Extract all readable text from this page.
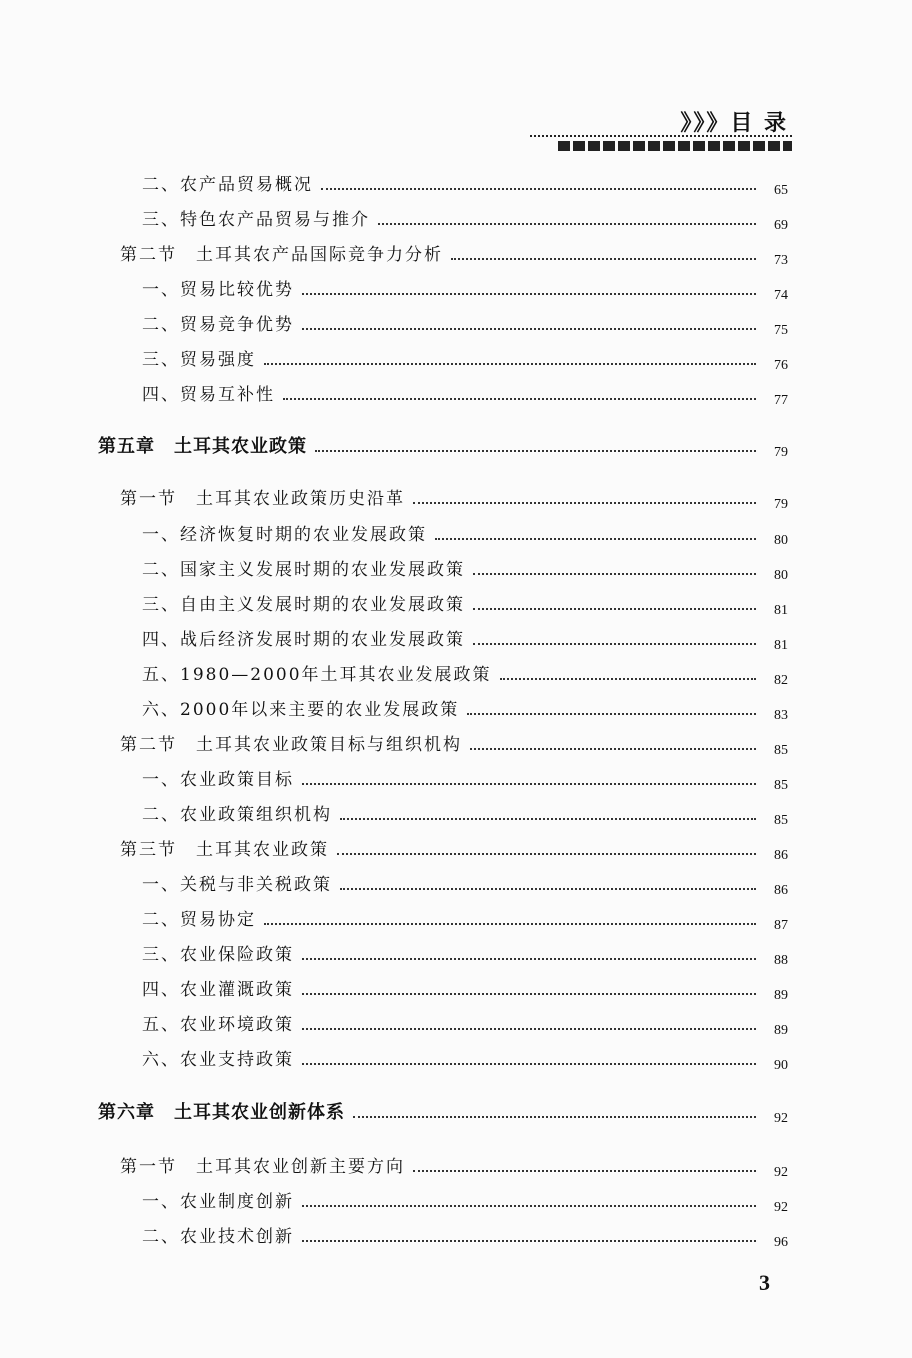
》》》目 录
二、农产品贸易概况	65
三、特色农产品贸易与推介	69
第二节　土耳其农产品国际竞争力分析	73
一、贸易比较优势	74
二、贸易竞争优势	75
三、贸易强度	76
四、贸易互补性	77
第五章　土耳其农业政策	79
第一节　土耳其农业政策历史沿革	79
一、经济恢复时期的农业发展政策	80
二、国家主义发展时期的农业发展政策	80
三、自由主义发展时期的农业发展政策	81
四、战后经济发展时期的农业发展政策	81
五、1980—2000年土耳其农业发展政策	82
六、2000年以来主要的农业发展政策	83
第二节　土耳其农业政策目标与组织机构	85
一、农业政策目标	85
二、农业政策组织机构	85
第三节　土耳其农业政策	86
一、关税与非关税政策	86
二、贸易协定	87
三、农业保险政策	88
四、农业灌溉政策	89
五、农业环境政策	89
六、农业支持政策	90
第六章　土耳其农业创新体系	92
第一节　土耳其农业创新主要方向	92
一、农业制度创新	92
二、农业技术创新	96
3
